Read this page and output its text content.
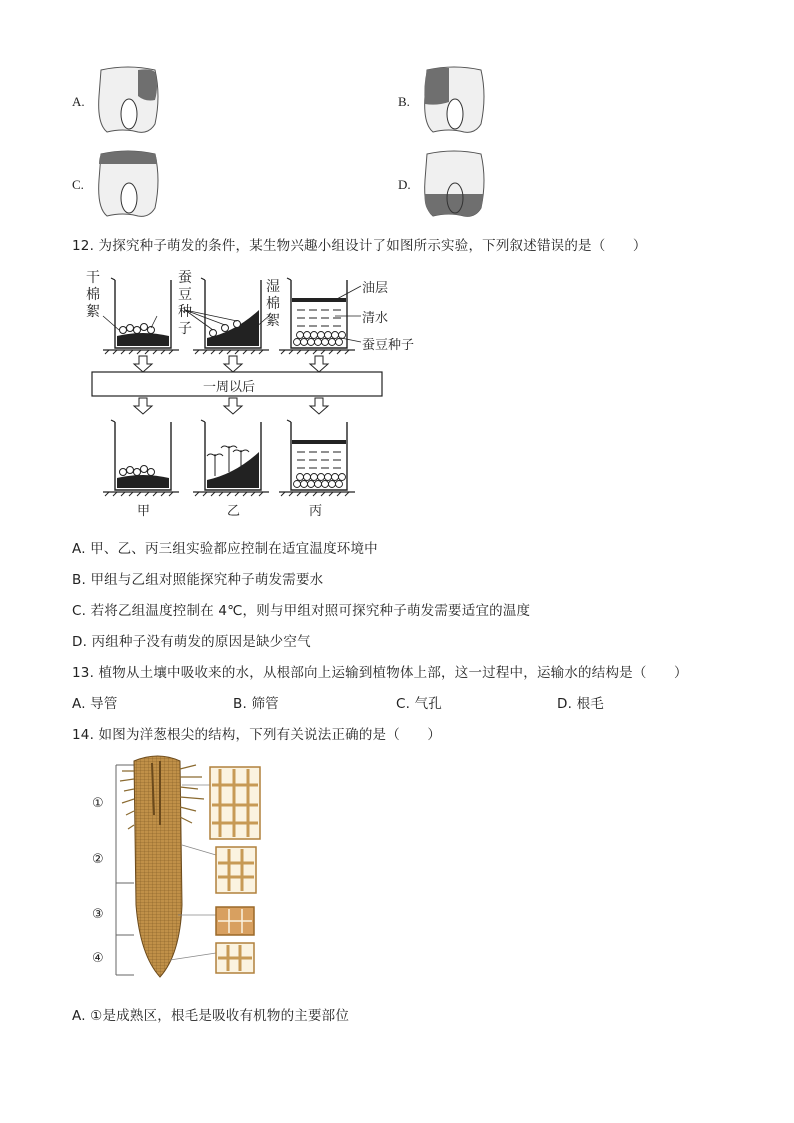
A.	B.
C.	D.
12. 为探究种子萌发的条件，某生物兴趣小组设计了如图所示实验，下列叙述错误的是（　　）
干
棉
絮
蚕
豆
种
子
湿
棉
絮
油层
清水
蚕豆种子
一周以后
甲	乙	丙
A. 甲、乙、丙三组实验都应控制在适宜温度环境中
B. 甲组与乙组对照能探究种子萌发需要水
C. 若将乙组温度控制在 4℃，则与甲组对照可探究种子萌发需要适宜的温度
D. 丙组种子没有萌发的原因是缺少空气
13. 植物从土壤中吸收来的水，从根部向上运输到植物体上部，这一过程中，运输水的结构是（　　）
A. 导管	B. 筛管	C. 气孔	D. 根毛
14. 如图为洋葱根尖的结构，下列有关说法正确的是（　　）
①
②
③
④
A. ①是成熟区，根毛是吸收有机物的主要部位
